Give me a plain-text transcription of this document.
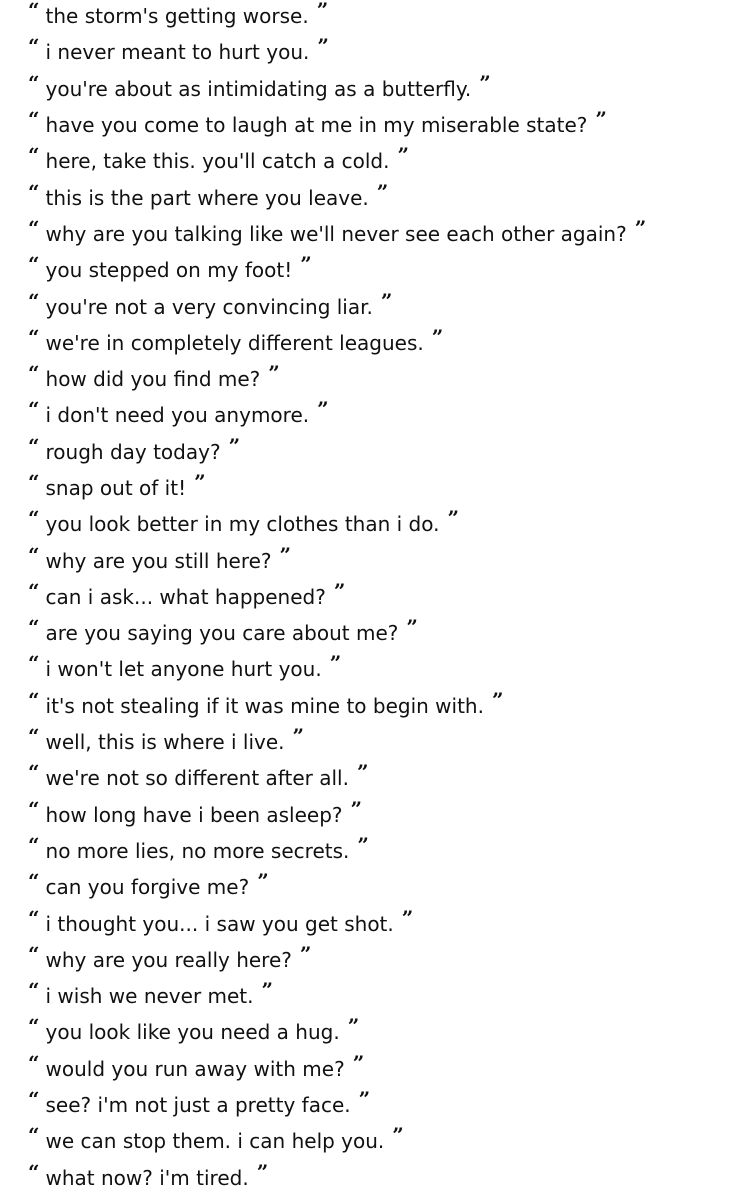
“ the storm's getting worse. ”
“ i never meant to hurt you. ”
“ you're about as intimidating as a butterfly. ”
“ have you come to laugh at me in my miserable state? ”
“ here, take this. you'll catch a cold. ”
“ this is the part where you leave. ”
“ why are you talking like we'll never see each other again? ”
“ you stepped on my foot! ”
“ you're not a very convincing liar. ”
“ we're in completely different leagues. ”
“ how did you find me? ”
“ i don't need you anymore. ”
“ rough day today? ”
“ snap out of it! ”
“ you look better in my clothes than i do. ”
“ why are you still here? ”
“ can i ask... what happened? ”
“ are you saying you care about me? ”
“ i won't let anyone hurt you. ”
“ it's not stealing if it was mine to begin with. ”
“ well, this is where i live. ”
“ we're not so different after all. ”
“ how long have i been asleep? ”
“ no more lies, no more secrets. ”
“ can you forgive me? ”
“ i thought you... i saw you get shot. ”
“ why are you really here? ”
“ i wish we never met. ”
“ you look like you need a hug. ”
“ would you run away with me? ”
“ see? i'm not just a pretty face. ”
“ we can stop them. i can help you. ”
“ what now? i'm tired. ”
